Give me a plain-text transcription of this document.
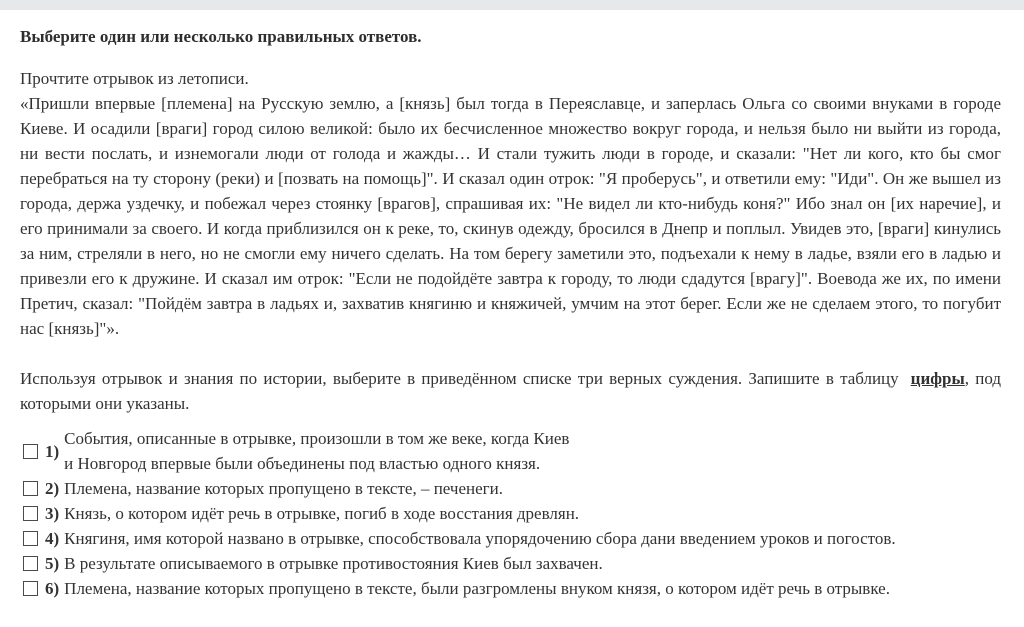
Выберите один или несколько правильных ответов.

Прочтите отрывок из летописи.

«Пришли впервые [племена] на Русскую землю, а [князь] был тогда в Переяславце, и заперлась Ольга со своими внуками в городе Киеве. И осадили [враги] город силою великой: было их бесчисленное множество вокруг города, и нельзя было ни выйти из города, ни вести послать, и изнемогали люди от голода и жажды… И стали тужить люди в городе, и сказали: "Нет ли кого, кто бы смог перебраться на ту сторону (реки) и [позвать на помощь]". И сказал один отрок: "Я проберусь", и ответили ему: "Иди". Он же вышел из города, держа уздечку, и побежал через стоянку [врагов], спрашивая их: "Не видел ли кто-нибудь коня?" Ибо знал он [их наречие], и его принимали за своего. И когда приблизился он к реке, то, скинув одежду, бросился в Днепр и поплыл. Увидев это, [враги] кинулись за ним, стреляли в него, но не смогли ему ничего сделать. На том берегу заметили это, подъехали к нему в ладье, взяли его в ладью и привезли его к дружине. И сказал им отрок: "Если не подойдёте завтра к городу, то люди сдадутся [врагу]". Воевода же их, по имени Претич, сказал: "Пойдём завтра в ладьях и, захватив княгиню и княжичей, умчим на этот берег. Если же не сделаем этого, то погубит нас [князь]"».

Используя отрывок и знания по истории, выберите в приведённом списке три верных суждения. Запишите в таблицу цифры, под которыми они указаны.

1)
События, описанные в отрывке, произошли в том же веке, когда Киев
и Новгород впервые были объединены под властью одного князя.
2) Племена, название которых пропущено в тексте, – печенеги.
3) Князь, о котором идёт речь в отрывке, погиб в ходе восстания древлян.
4) Княгиня, имя которой названо в отрывке, способствовала упорядочению сбора дани введением уроков и погостов.
5) В результате описываемого в отрывке противостояния Киев был захвачен.
6) Племена, название которых пропущено в тексте, были разгромлены внуком князя, о котором идёт речь в отрывке.
